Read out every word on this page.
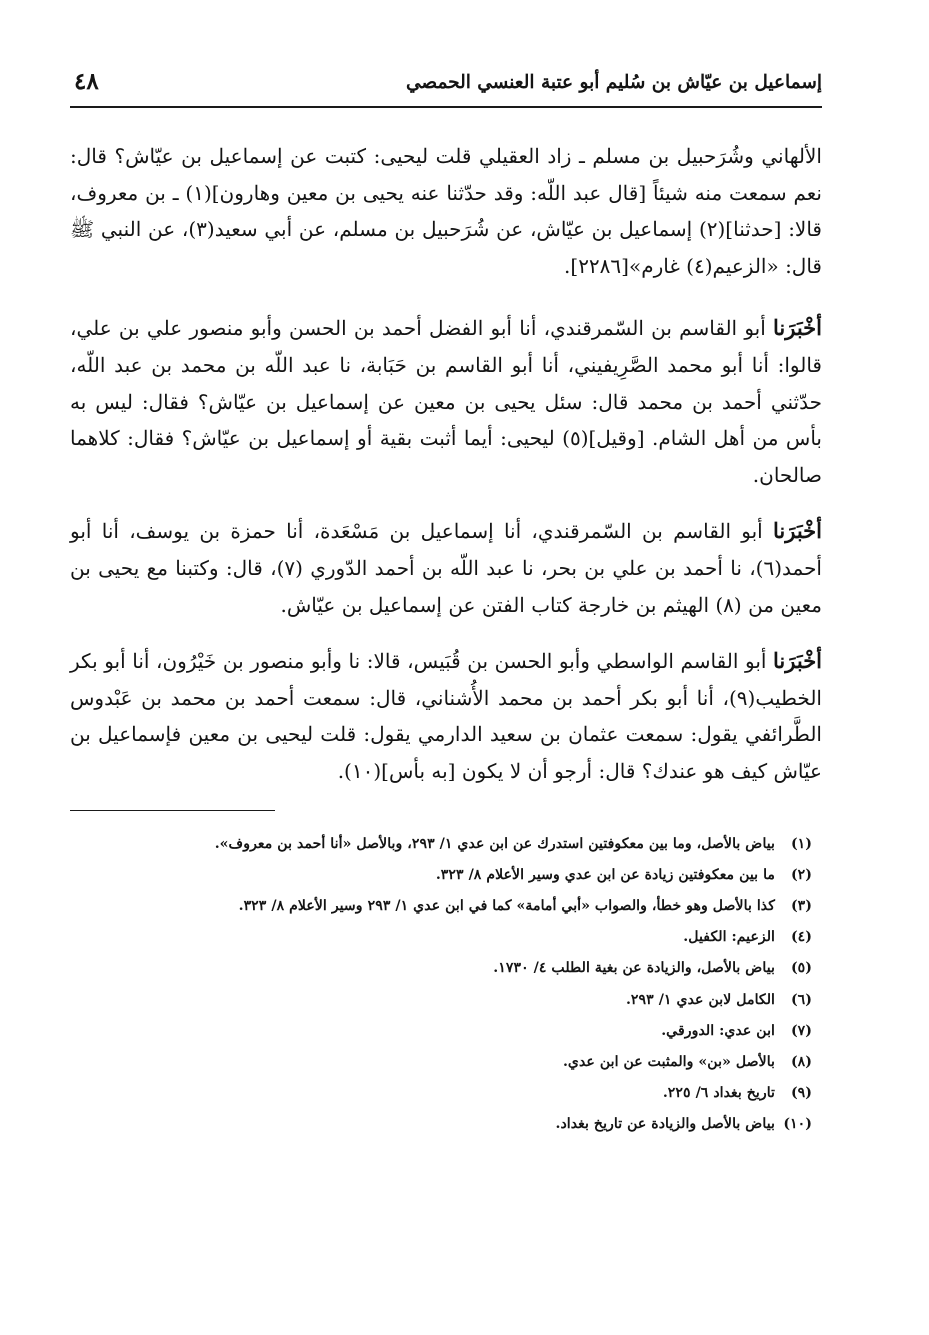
إسماعيل بن عيّاش بن سُليم أبو عتبة العنسي الحمصي
٤٨

الألهاني وشُرَحبيل بن مسلم ـ زاد العقيلي قلت ليحيى: كتبت عن إسماعيل بن عيّاش؟ قال: نعم سمعت منه شيئاً [قال عبد اللّه: وقد حدّثنا عنه يحيى بن معين وهارون](١) ـ بن معروف، قالا: [حدثنا](٢) إسماعيل بن عيّاش، عن شُرَحبيل بن مسلم، عن أبي سعيد(٣)، عن النبي ﷺ قال: «الزعيم(٤) غارم»[٢٢٨٦].

أخْبَرَنا أبو القاسم بن السّمرقندي، أنا أبو الفضل أحمد بن الحسن وأبو منصور علي بن علي، قالوا: أنا أبو محمد الصَّرِيفيني، أنا أبو القاسم بن حَبَابة، نا عبد اللّه بن محمد بن عبد اللّه، حدّثني أحمد بن محمد قال: سئل يحيى بن معين عن إسماعيل بن عيّاش؟ فقال: ليس به بأس من أهل الشام. [وقيل](٥) ليحيى: أيما أثبت بقية أو إسماعيل بن عيّاش؟ فقال: كلاهما صالحان.

أخْبَرَنا أبو القاسم بن السّمرقندي، أنا إسماعيل بن مَسْعَدة، أنا حمزة بن يوسف، أنا أبو أحمد(٦)، نا أحمد بن علي بن بحر، نا عبد اللّه بن أحمد الدّوري (٧)، قال: وكتبنا مع يحيى بن معين من (٨) الهيثم بن خارجة كتاب الفتن عن إسماعيل بن عيّاش.

أخْبَرَنا أبو القاسم الواسطي وأبو الحسن بن قُبَيس، قالا: نا وأبو منصور بن خَيْرُون، أنا أبو بكر الخطيب(٩)، أنا أبو بكر أحمد بن محمد الأُشناني، قال: سمعت أحمد بن محمد بن عَبْدوس الطَّرائفي يقول: سمعت عثمان بن سعيد الدارمي يقول: قلت ليحيى بن معين فإسماعيل بن عيّاش كيف هو عندك؟ قال: أرجو أن لا يكون [به بأس](١٠).

(١)
بياض بالأصل، وما بين معكوفتين استدرك عن ابن عدي ١/ ٢٩٣، وبالأصل «أنا أحمد بن معروف».
(٢)
ما بين معكوفتين زيادة عن ابن عدي وسير الأعلام ٨/ ٣٢٣.
(٣)
كذا بالأصل وهو خطأ، والصواب «أبي أمامة» كما في ابن عدي ١/ ٢٩٣ وسير الأعلام ٨/ ٣٢٣.
(٤)
الزعيم: الكفيل.
(٥)
بياض بالأصل، والزيادة عن بغية الطلب ٤/ ١٧٣٠.
(٦)
الكامل لابن عدي ١/ ٢٩٣.
(٧)
ابن عدي: الدورقي.
(٨)
بالأصل «بن» والمثبت عن ابن عدي.
(٩)
تاريخ بغداد ٦/ ٢٢٥.
(١٠)
بياض بالأصل والزيادة عن تاريخ بغداد.
